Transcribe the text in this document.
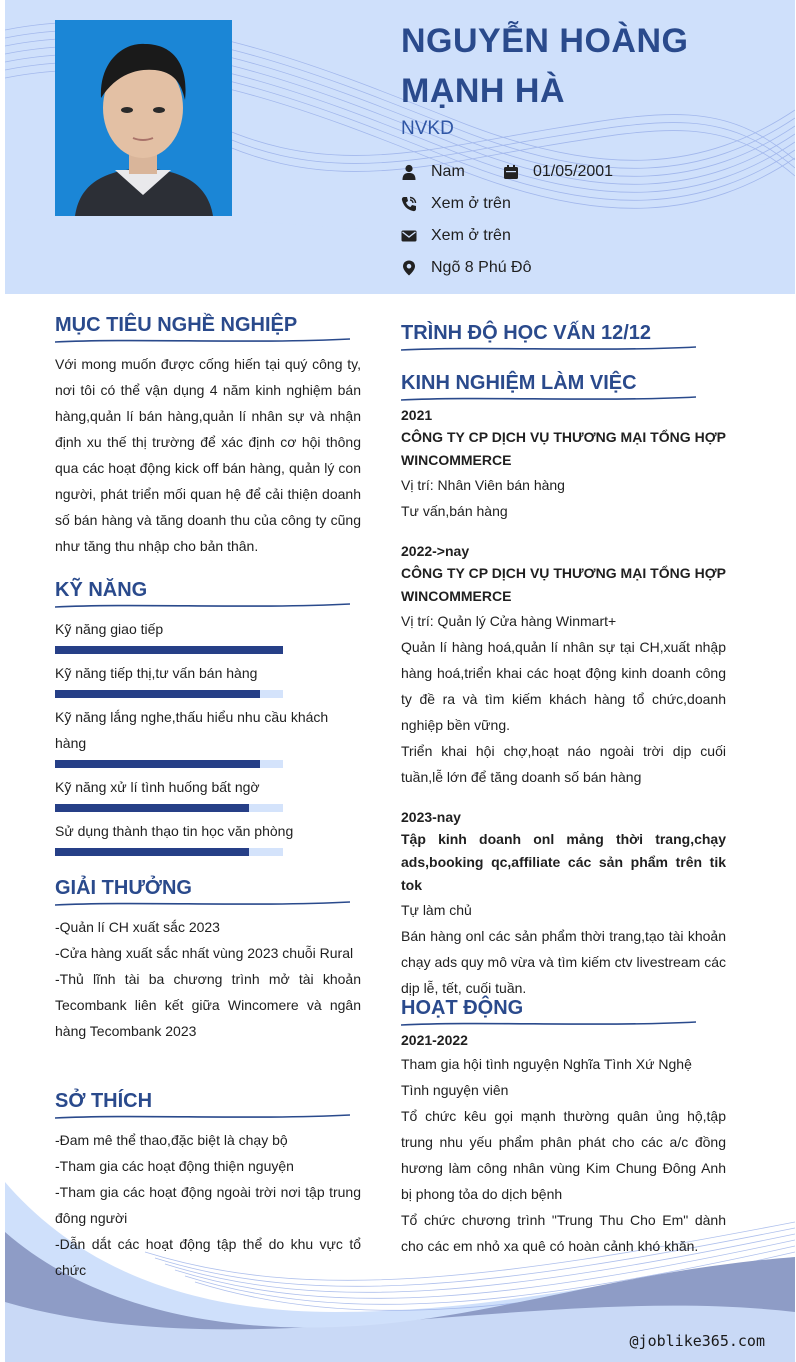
NGUYỄN HOÀNG MẠNH HÀ
NVKD
Nam	01/05/2001
Xem ở trên
Xem ở trên
Ngõ 8 Phú Đô
MỤC TIÊU NGHỀ NGHIỆP
Với mong muốn được cống hiến tại quý công ty, nơi tôi có thể vận dụng 4 năm kinh nghiệm bán hàng,quản lí bán hàng,quản lí nhân sự và nhận định xu thế thị trường để xác định cơ hội thông qua các hoạt động kick off bán hàng, quản lý con người, phát triển mối quan hệ để cải thiện doanh số bán hàng và tăng doanh thu của công ty cũng như tăng thu nhập cho bản thân.
KỸ NĂNG
Kỹ năng giao tiếp
Kỹ năng tiếp thị,tư vấn bán hàng
Kỹ năng lắng nghe,thấu hiểu nhu cầu khách hàng
Kỹ năng xử lí tình huống bất ngờ
Sử dụng thành thạo tin học văn phòng
GIẢI THƯỞNG

-Quản lí CH xuất sắc 2023

-Cửa hàng xuất sắc nhất vùng 2023 chuỗi Rural

-Thủ lĩnh tài ba chương trình mở tài khoản Tecombank liên kết giữa Wincomere và ngân hàng Tecombank 2023

SỞ THÍCH

-Đam mê thể thao,đặc biệt là chạy bộ

-Tham gia các hoạt động thiện nguyện

-Tham gia các hoạt động ngoài trời nơi tập trung đông người

-Dẫn dắt các hoạt động tập thể do khu vực tổ chức

TRÌNH ĐỘ HỌC VẤN 12/12
KINH NGHIỆM LÀM VIỆC
2021
CÔNG TY CP DỊCH VỤ THƯƠNG MẠI TỔNG HỢP WINCOMMERCE
Vị trí: Nhân Viên bán hàng
Tư vấn,bán hàng
2022->nay
CÔNG TY CP DỊCH VỤ THƯƠNG MẠI TỔNG HỢP WINCOMMERCE
Vị trí: Quản lý Cửa hàng Winmart+
Quản lí hàng hoá,quản lí nhân sự tại CH,xuất nhập hàng hoá,triển khai các hoạt động kinh doanh công ty đề ra và tìm kiếm khách hàng tổ chức,doanh nghiệp bền vững.
Triển khai hội chợ,hoạt náo ngoài trời dịp cuối tuần,lễ lớn để tăng doanh số bán hàng
2023-nay
Tập kinh doanh onl mảng thời trang,chạy ads,booking qc,affiliate các sản phẩm trên tik tok
Tự làm chủ
Bán hàng onl các sản phẩm thời trang,tạo tài khoản chạy ads quy mô vừa và tìm kiếm ctv livestream các dịp lễ, tết, cuối tuần.
HOẠT ĐỘNG
2021-2022
Tham gia hội tình nguyện Nghĩa Tình Xứ Nghệ
Tình nguyện viên
Tổ chức kêu gọi mạnh thường quân ủng hộ,tập trung nhu yếu phẩm phân phát cho các a/c đồng hương làm công nhân vùng Kim Chung Đông Anh bị phong tỏa do dịch bệnh
Tổ chức chương trình "Trung Thu Cho Em" dành cho các em nhỏ xa quê có hoàn cảnh khó khăn.
@joblike365.com
